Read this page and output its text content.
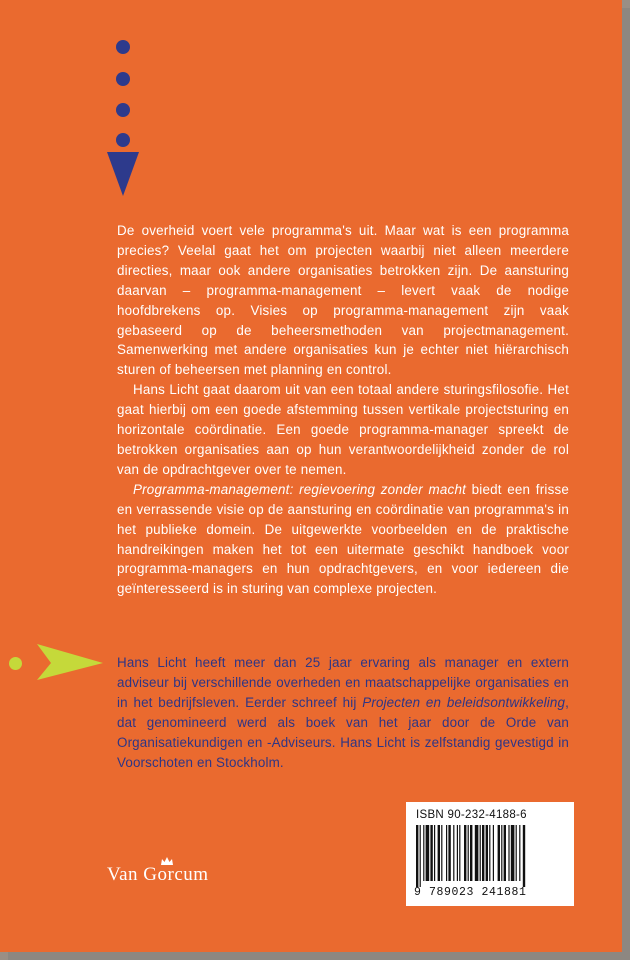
De overheid voert vele programma's uit. Maar wat is een programma precies? Veelal gaat het om projecten waarbij niet alleen meerdere directies, maar ook andere organisaties betrokken zijn. De aansturing daarvan – programma-management – levert vaak de nodige hoofdbrekens op. Visies op programma-management zijn vaak gebaseerd op de beheersmethoden van projectmanagement. Samenwerking met andere organisaties kun je echter niet hiërarchisch sturen of beheersen met planning en control.

Hans Licht gaat daarom uit van een totaal andere sturingsfilosofie. Het gaat hierbij om een goede afstemming tussen vertikale projectsturing en horizontale coördinatie. Een goede programma-manager spreekt de betrokken organisaties aan op hun verantwoordelijkheid zonder de rol van de opdrachtgever over te nemen.

Programma-management: regievoering zonder macht biedt een frisse en verrassende visie op de aansturing en coördinatie van programma's in het publieke domein. De uitgewerkte voorbeelden en de praktische handreikingen maken het tot een uitermate geschikt handboek voor programma-managers en hun opdrachtgevers, en voor iedereen die geïnteresseerd is in sturing van complexe projecten.

Hans Licht heeft meer dan 25 jaar ervaring als manager en extern adviseur bij verschillende overheden en maatschappelijke organisaties en in het bedrijfsleven. Eerder schreef hij Projecten en beleidsontwikkeling, dat genomineerd werd als boek van het jaar door de Orde van Organisatiekundigen en -Adviseurs. Hans Licht is zelfstandig gevestigd in Voorschoten en Stockholm.
ISBN 90-232-4188-6
9 789023 241881
Van Gorcum
